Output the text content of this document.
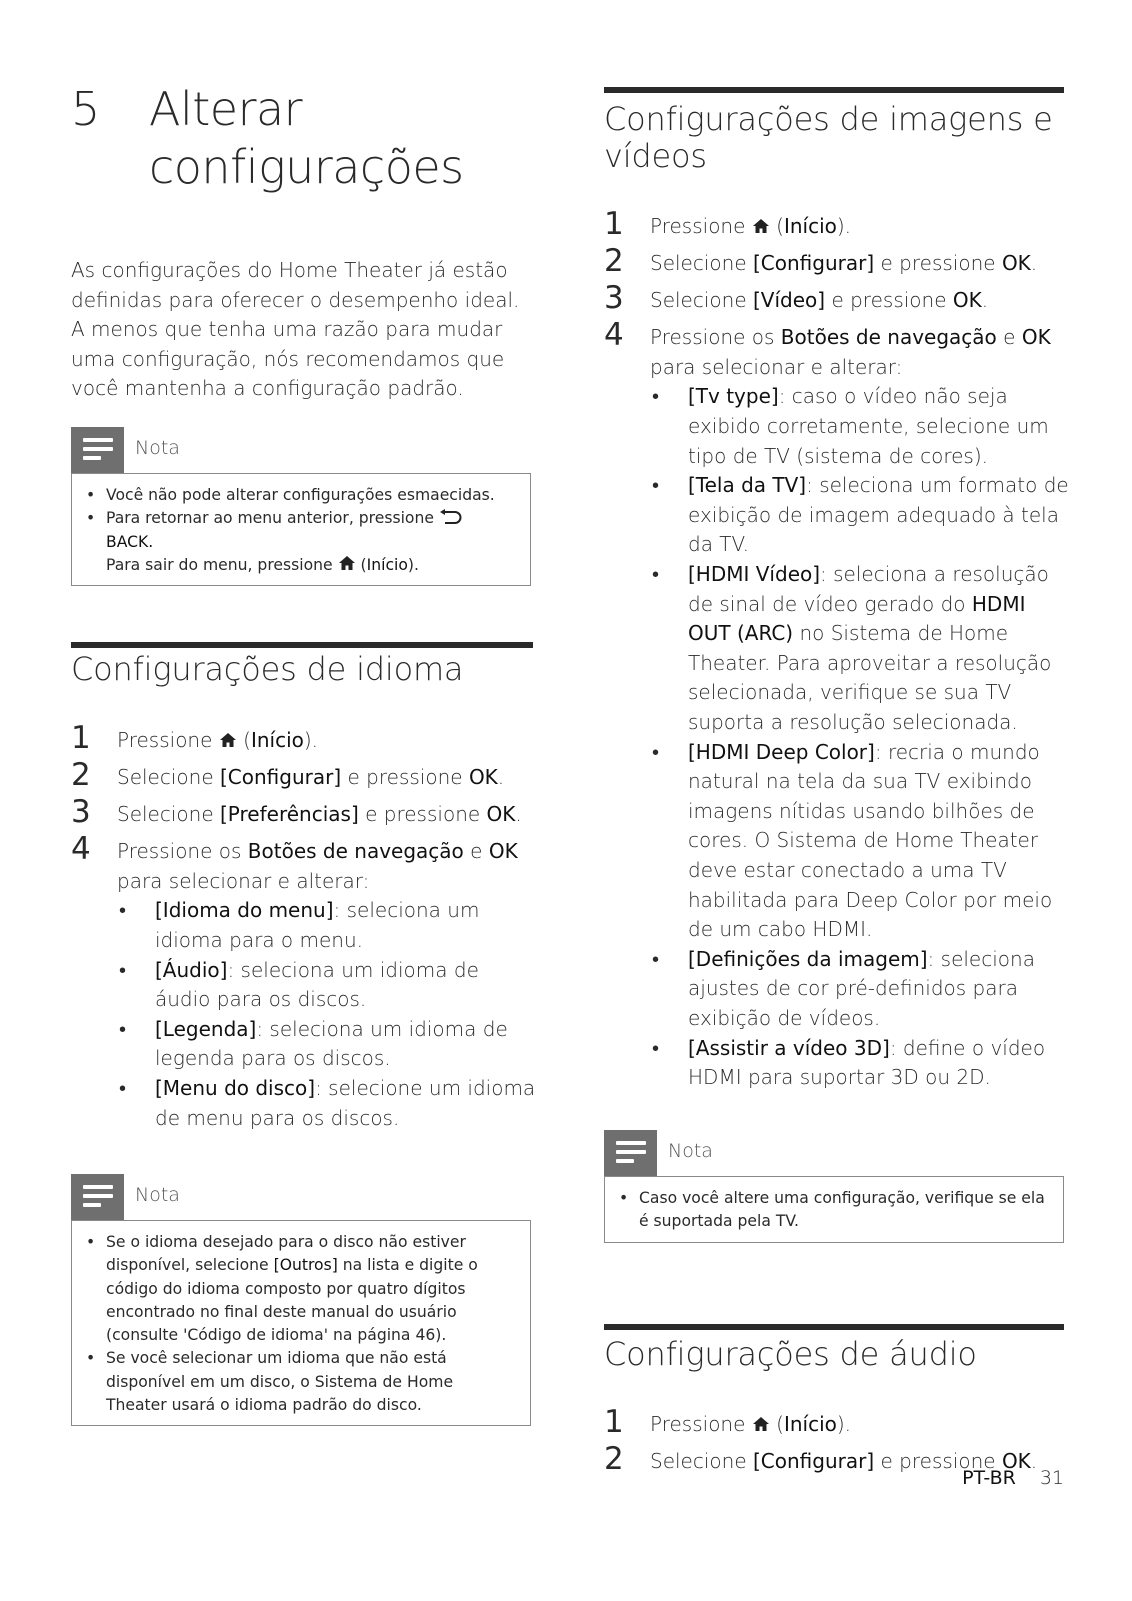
5 Alterar configurações
As configurações do Home Theater já estão definidas para oferecer o desempenho ideal. A menos que tenha uma razão para mudar uma configuração, nós recomendamos que você mantenha a configuração padrão.
Nota
• Você não pode alterar configurações esmaecidas.
• Para retornar ao menu anterior, pressione  BACK.
Para sair do menu, pressione (Início).
Configurações de idioma
1 Pressione (Início).
2 Selecione [Configurar] e pressione OK.
3 Selecione [Preferências] e pressione OK.
4 Pressione os Botões de navegação e OK para selecionar e alterar:
• [Idioma do menu]: seleciona um idioma para o menu.
• [Áudio]: seleciona um idioma de áudio para os discos.
• [Legenda]: seleciona um idioma de legenda para os discos.
• [Menu do disco]: selecione um idioma de menu para os discos.
Nota
• Se o idioma desejado para o disco não estiver disponível, selecione [Outros] na lista e digite o código do idioma composto por quatro dígitos encontrado no final deste manual do usuário (consulte 'Código de idioma' na página 46).
• Se você selecionar um idioma que não está disponível em um disco, o Sistema de Home Theater usará o idioma padrão do disco.
Configurações de imagens e vídeos
1 Pressione (Início).
2 Selecione [Configurar] e pressione OK.
3 Selecione [Vídeo] e pressione OK.
4 Pressione os Botões de navegação e OK para selecionar e alterar:
• [Tv type]: caso o vídeo não seja exibido corretamente, selecione um tipo de TV (sistema de cores).
• [Tela da TV]: seleciona um formato de exibição de imagem adequado à tela da TV.
• [HDMI Vídeo]: seleciona a resolução de sinal de vídeo gerado do HDMI OUT (ARC) no Sistema de Home Theater. Para aproveitar a resolução selecionada, verifique se sua TV suporta a resolução selecionada.
• [HDMI Deep Color]: recria o mundo natural na tela da sua TV exibindo imagens nítidas usando bilhões de cores. O Sistema de Home Theater deve estar conectado a uma TV habilitada para Deep Color por meio de um cabo HDMI.
• [Definições da imagem]: seleciona ajustes de cor pré-definidos para exibição de vídeos.
• [Assistir a vídeo 3D]: define o vídeo HDMI para suportar 3D ou 2D.
Nota
• Caso você altere uma configuração, verifique se ela é suportada pela TV.
Configurações de áudio
1 Pressione (Início).
2 Selecione [Configurar] e pressione OK.
PT-BR 31
